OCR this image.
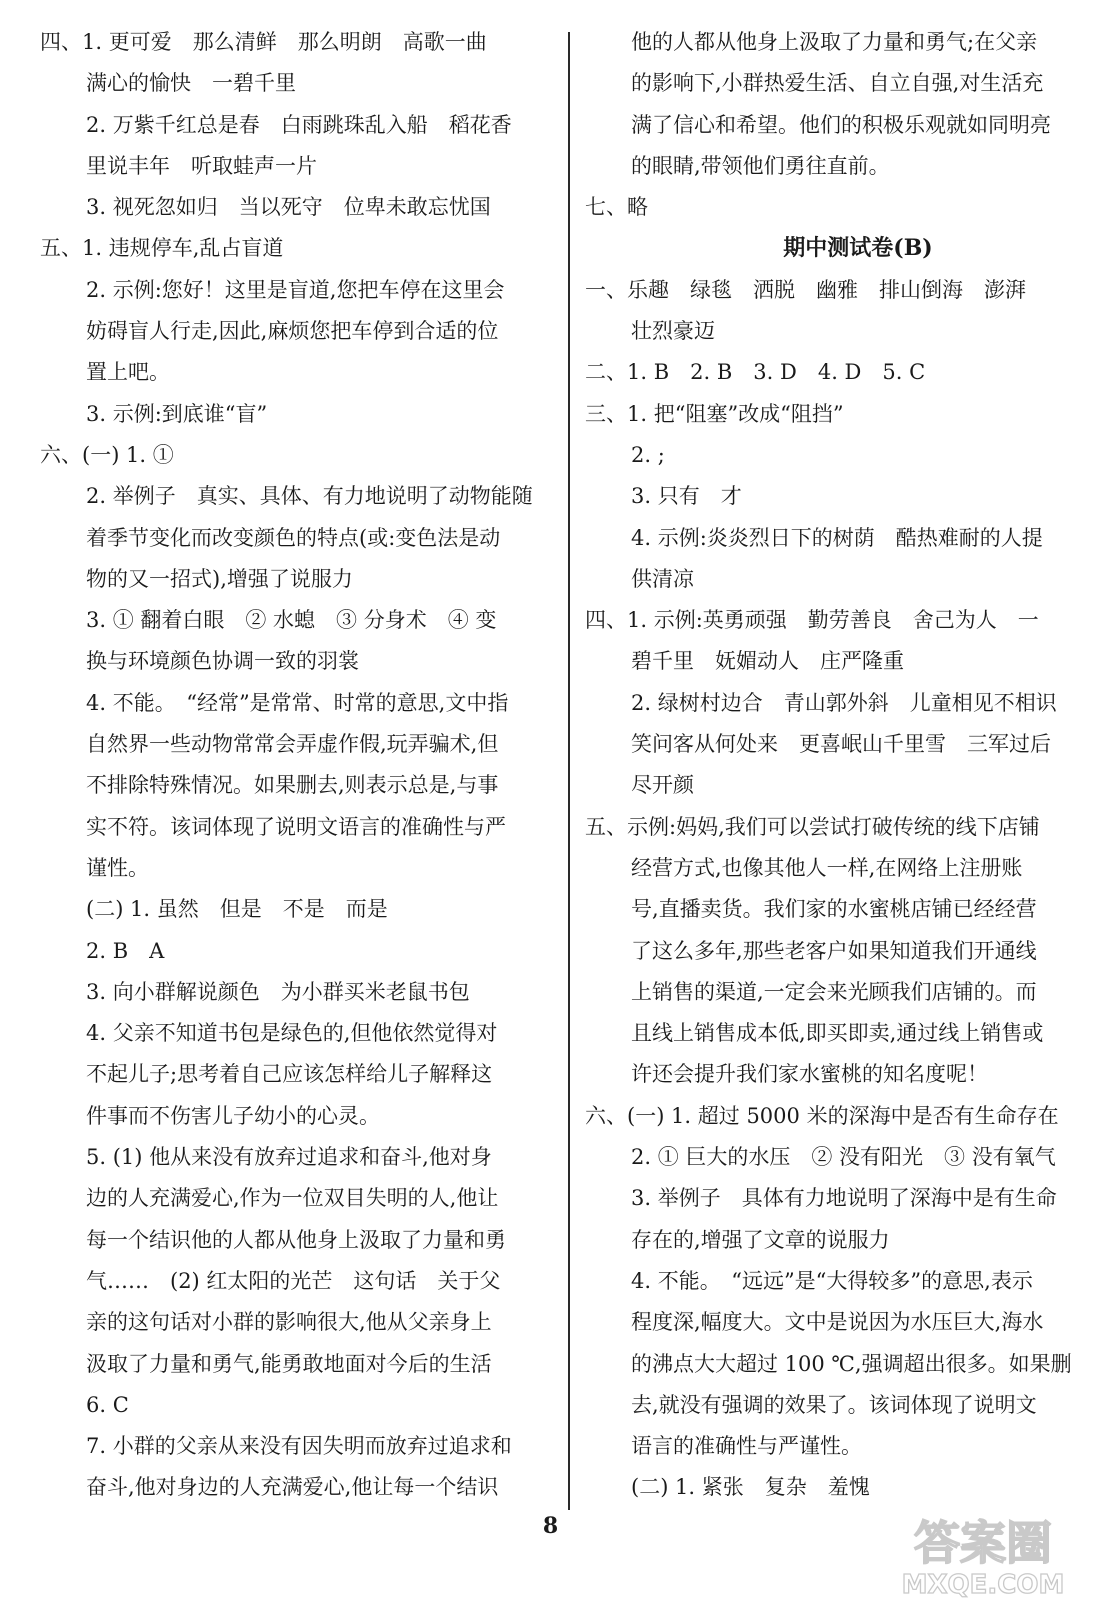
四、1. 更可爱　那么清鲜　那么明朗　高歌一曲
满心的愉快　一碧千里
2. 万紫千红总是春　白雨跳珠乱入船　稻花香
里说丰年　听取蛙声一片
3. 视死忽如归　当以死守　位卑未敢忘忧国
五、1. 违规停车,乱占盲道
2. 示例:您好！这里是盲道,您把车停在这里会
妨碍盲人行走,因此,麻烦您把车停到合适的位
置上吧。
3. 示例:到底谁“盲”
六、(一) 1. ①
2. 举例子　真实、具体、有力地说明了动物能随
着季节变化而改变颜色的特点(或:变色法是动
物的又一招式),增强了说服力
3. ① 翻着白眼　② 水螅　③ 分身术　④ 变
换与环境颜色协调一致的羽裳
4. 不能。　“经常”是常常、时常的意思,文中指
自然界一些动物常常会弄虚作假,玩弄骗术,但
不排除特殊情况。如果删去,则表示总是,与事
实不符。该词体现了说明文语言的准确性与严
谨性。
(二) 1. 虽然　但是　不是　而是
2. B　A
3. 向小群解说颜色　为小群买米老鼠书包
4. 父亲不知道书包是绿色的,但他依然觉得对
不起儿子;思考着自己应该怎样给儿子解释这
件事而不伤害儿子幼小的心灵。
5. (1) 他从来没有放弃过追求和奋斗,他对身
边的人充满爱心,作为一位双目失明的人,他让
每一个结识他的人都从他身上汲取了力量和勇
气……　(2) 红太阳的光芒　这句话　关于父
亲的这句话对小群的影响很大,他从父亲身上
汲取了力量和勇气,能勇敢地面对今后的生活
6. C
7. 小群的父亲从来没有因失明而放弃过追求和
奋斗,他对身边的人充满爱心,他让每一个结识
他的人都从他身上汲取了力量和勇气;在父亲
的影响下,小群热爱生活、自立自强,对生活充
满了信心和希望。他们的积极乐观就如同明亮
的眼睛,带领他们勇往直前。
七、略
期中测试卷(B)
一、乐趣　绿毯　洒脱　幽雅　排山倒海　澎湃
壮烈豪迈
二、1. B　2. B　3. D　4. D　5. C
三、1. 把“阻塞”改成“阻挡”
2. ;
3. 只有　才
4. 示例:炎炎烈日下的树荫　酷热难耐的人提
供清凉
四、1. 示例:英勇顽强　勤劳善良　舍己为人　一
碧千里　妩媚动人　庄严隆重
2. 绿树村边合　青山郭外斜　儿童相见不相识
笑问客从何处来　更喜岷山千里雪　三军过后
尽开颜
五、示例:妈妈,我们可以尝试打破传统的线下店铺
经营方式,也像其他人一样,在网络上注册账
号,直播卖货。我们家的水蜜桃店铺已经经营
了这么多年,那些老客户如果知道我们开通线
上销售的渠道,一定会来光顾我们店铺的。而
且线上销售成本低,即买即卖,通过线上销售或
许还会提升我们家水蜜桃的知名度呢！
六、(一) 1. 超过 5000 米的深海中是否有生命存在
2. ① 巨大的水压　② 没有阳光　③ 没有氧气
3. 举例子　具体有力地说明了深海中是有生命
存在的,增强了文章的说服力
4. 不能。　“远远”是“大得较多”的意思,表示
程度深,幅度大。文中是说因为水压巨大,海水
的沸点大大超过 100 ℃,强调超出很多。如果删
去,就没有强调的效果了。该词体现了说明文
语言的准确性与严谨性。
(二) 1. 紧张　复杂　羞愧
8	答案圈
MXQE.COM
